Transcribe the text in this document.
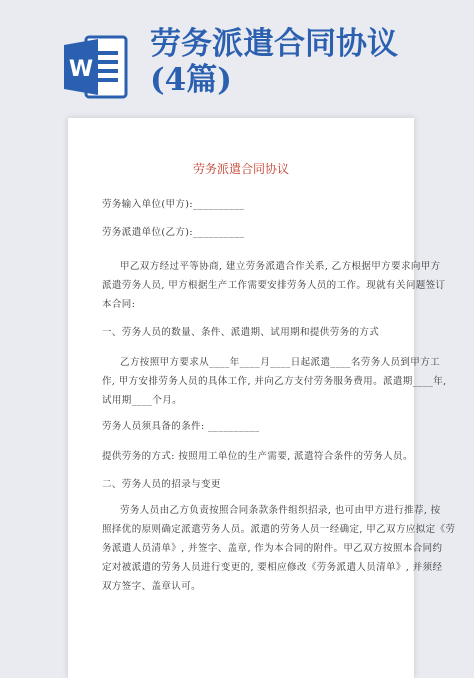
W
劳务派遣合同协议
(4篇)
劳务派遣合同协议
劳务输入单位(甲方):__________
劳务派遣单位(乙方):__________
甲乙双方经过平等协商, 建立劳务派遣合作关系, 乙方根据甲方要求向甲方
派遣劳务人员, 甲方根据生产工作需要安排劳务人员的工作。现就有关问题签订
本合同:
一、劳务人员的数量、条件、派遣期、试用期和提供劳务的方式
乙方按照甲方要求从____年____月____日起派遣____名劳务人员到甲方工
作, 甲方安排劳务人员的具体工作, 并向乙方支付劳务服务费用。派遣期____年,
试用期____个月。
劳务人员须具备的条件: __________
提供劳务的方式: 按照用工单位的生产需要, 派遣符合条件的劳务人员。
二、劳务人员的招录与变更
劳务人员由乙方负责按照合同条款条件组织招录, 也可由甲方进行推荐, 按
照择优的原则确定派遣劳务人员。派遣的劳务人员一经确定, 甲乙双方应拟定《劳
务派遣人员清单》, 并签字、盖章, 作为本合同的附件。甲乙双方按照本合同约
定对被派遣的劳务人员进行变更的, 要相应修改《劳务派遣人员清单》, 并须经
双方签字、盖章认可。
